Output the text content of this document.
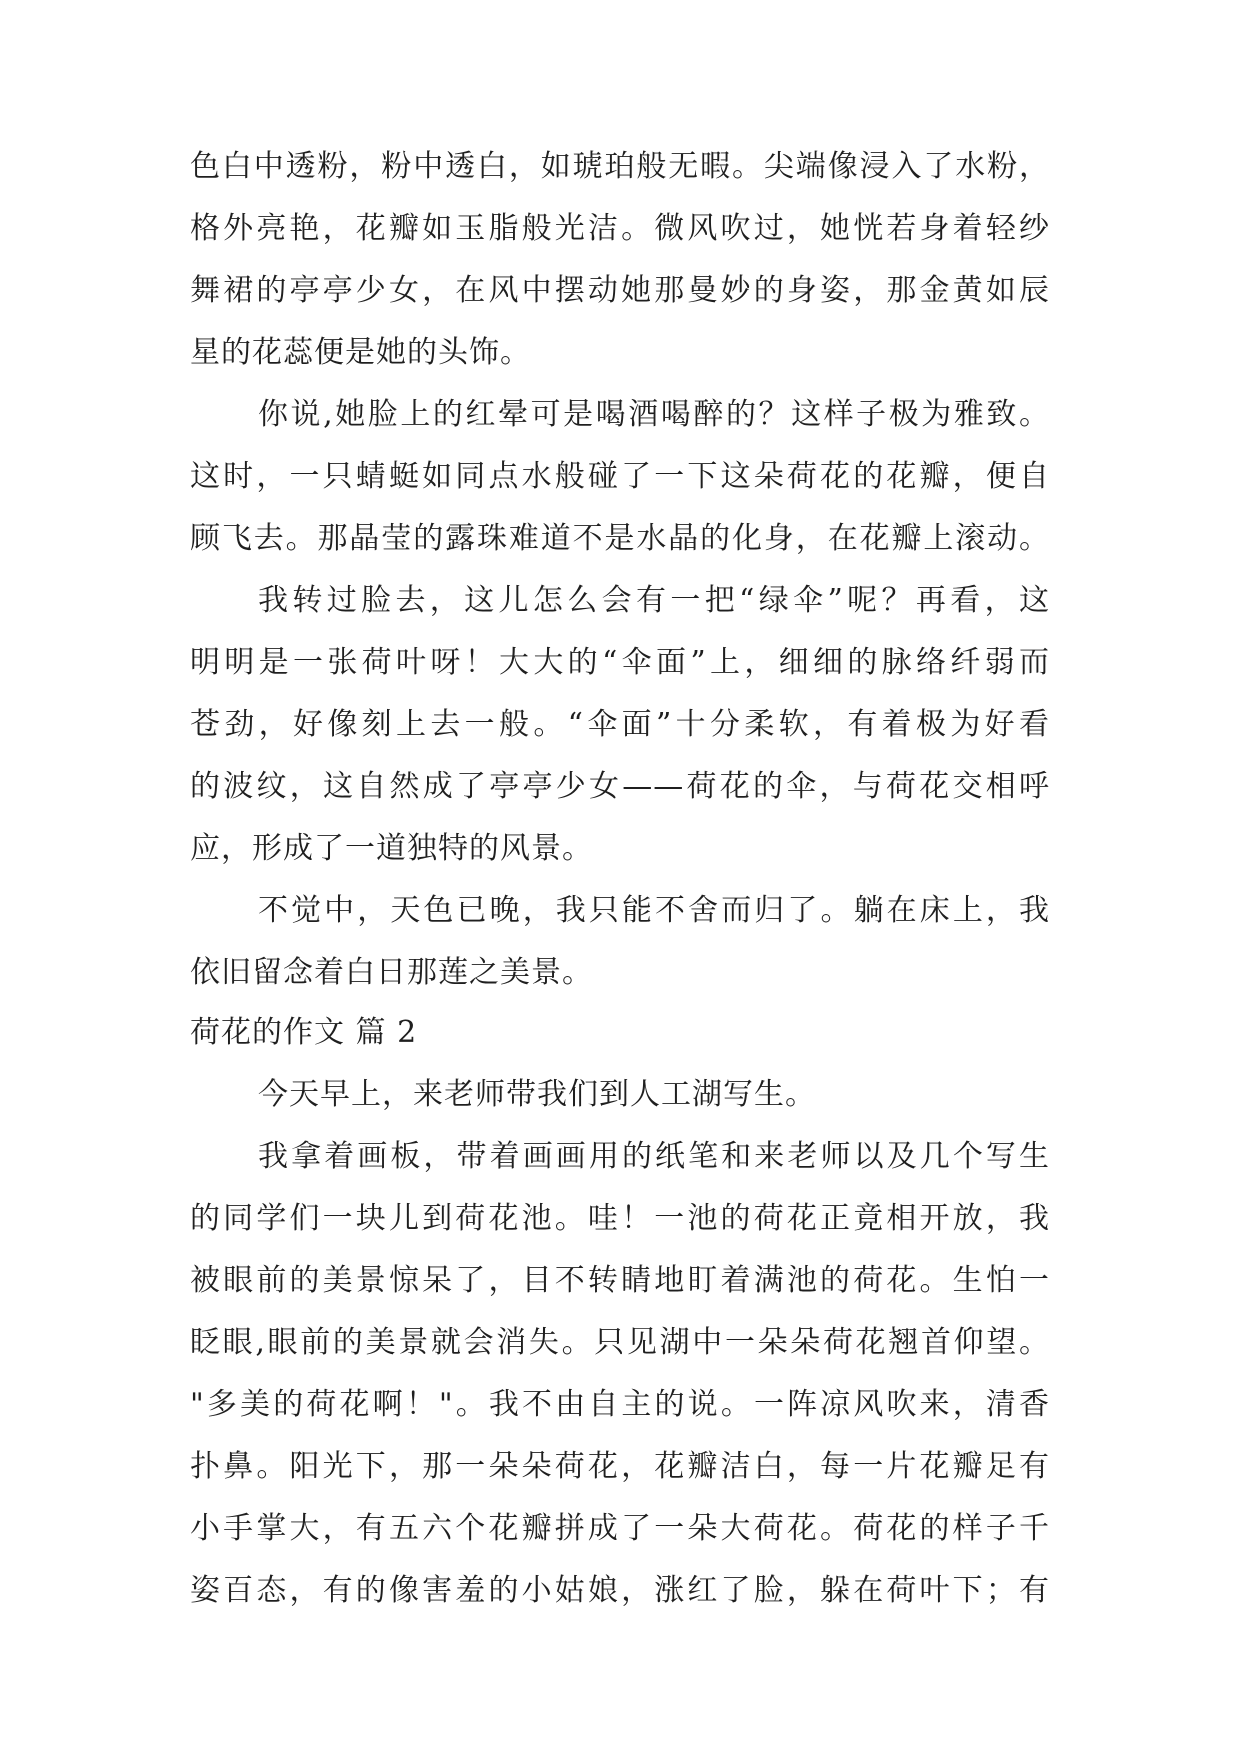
色白中透粉，粉中透白，如琥珀般无暇。尖端像浸入了水粉，
格外亮艳，花瓣如玉脂般光洁。微风吹过，她恍若身着轻纱
舞裙的亭亭少女，在风中摆动她那曼妙的身姿，那金黄如辰
星的花蕊便是她的头饰。
你说,她脸上的红晕可是喝酒喝醉的？这样子极为雅致。
这时，一只蜻蜓如同点水般碰了一下这朵荷花的花瓣，便自
顾飞去。那晶莹的露珠难道不是水晶的化身，在花瓣上滚动。
我转过脸去，这儿怎么会有一把“绿伞”呢？再看，这
明明是一张荷叶呀！大大的“伞面”上，细细的脉络纤弱而
苍劲，好像刻上去一般。“伞面”十分柔软，有着极为好看
的波纹，这自然成了亭亭少女——荷花的伞，与荷花交相呼
应，形成了一道独特的风景。
不觉中，天色已晚，我只能不舍而归了。躺在床上，我
依旧留念着白日那莲之美景。
荷花的作文 篇 2
今天早上，来老师带我们到人工湖写生。
我拿着画板，带着画画用的纸笔和来老师以及几个写生
的同学们一块儿到荷花池。哇！一池的荷花正竟相开放，我
被眼前的美景惊呆了，目不转睛地盯着满池的荷花。生怕一
眨眼,眼前的美景就会消失。只见湖中一朵朵荷花翘首仰望。
"多美的荷花啊！"。我不由自主的说。一阵凉风吹来，清香
扑鼻。阳光下，那一朵朵荷花，花瓣洁白，每一片花瓣足有
小手掌大，有五六个花瓣拼成了一朵大荷花。荷花的样子千
姿百态，有的像害羞的小姑娘，涨红了脸，躲在荷叶下；有
